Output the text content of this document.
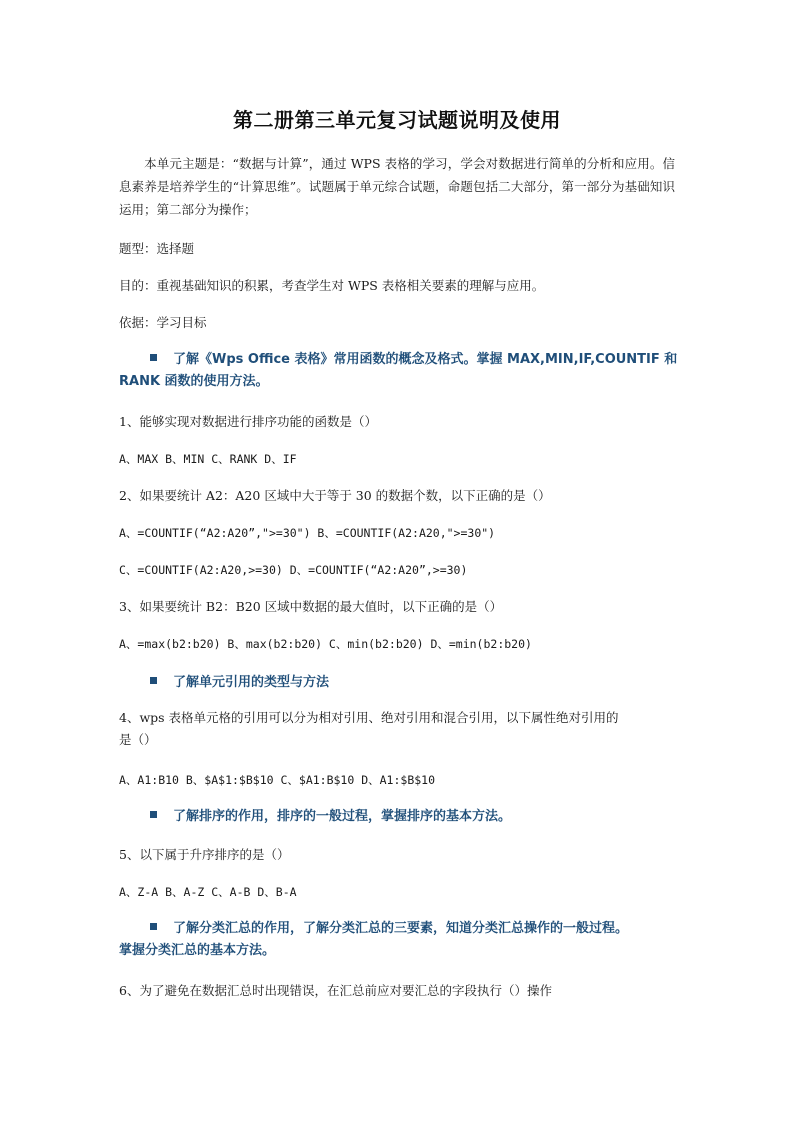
第二册第三单元复习试题说明及使用
本单元主题是：“数据与计算”，通过 WPS 表格的学习，学会对数据进行简单的分析和应用。信息素养是培养学生的“计算思维”。试题属于单元综合试题，命题包括二大部分，第一部分为基础知识运用；第二部分为操作；
题型：选择题
目的：重视基础知识的积累，考查学生对 WPS 表格相关要素的理解与应用。
依据：学习目标
了解《Wps Office 表格》常用函数的概念及格式。掌握 MAX,MIN,IF,COUNTIF 和
RANK 函数的使用方法。
1、能够实现对数据进行排序功能的函数是（）
A、MAX B、MIN C、RANK D、IF
2、如果要统计 A2：A20 区域中大于等于 30 的数据个数，以下正确的是（）
A、=COUNTIF(“A2:A20”,">=30") B、=COUNTIF(A2:A20,">=30")
C、=COUNTIF(A2:A20,>=30) D、=COUNTIF(“A2:A20”,>=30)
3、如果要统计 B2：B20 区域中数据的最大值时，以下正确的是（）
A、=max(b2:b20) B、max(b2:b20) C、min(b2:b20) D、=min(b2:b20)
了解单元引用的类型与方法
4、wps 表格单元格的引用可以分为相对引用、绝对引用和混合引用，以下属性绝对引用的
是（）
A、A1:B10 B、$A$1:$B$10 C、$A1:B$10 D、A1:$B$10
了解排序的作用，排序的一般过程，掌握排序的基本方法。
5、以下属于升序排序的是（）
A、Z-A B、A-Z C、A-B D、B-A
了解分类汇总的作用，了解分类汇总的三要素，知道分类汇总操作的一般过程。
掌握分类汇总的基本方法。
6、为了避免在数据汇总时出现错误，在汇总前应对要汇总的字段执行（）操作
